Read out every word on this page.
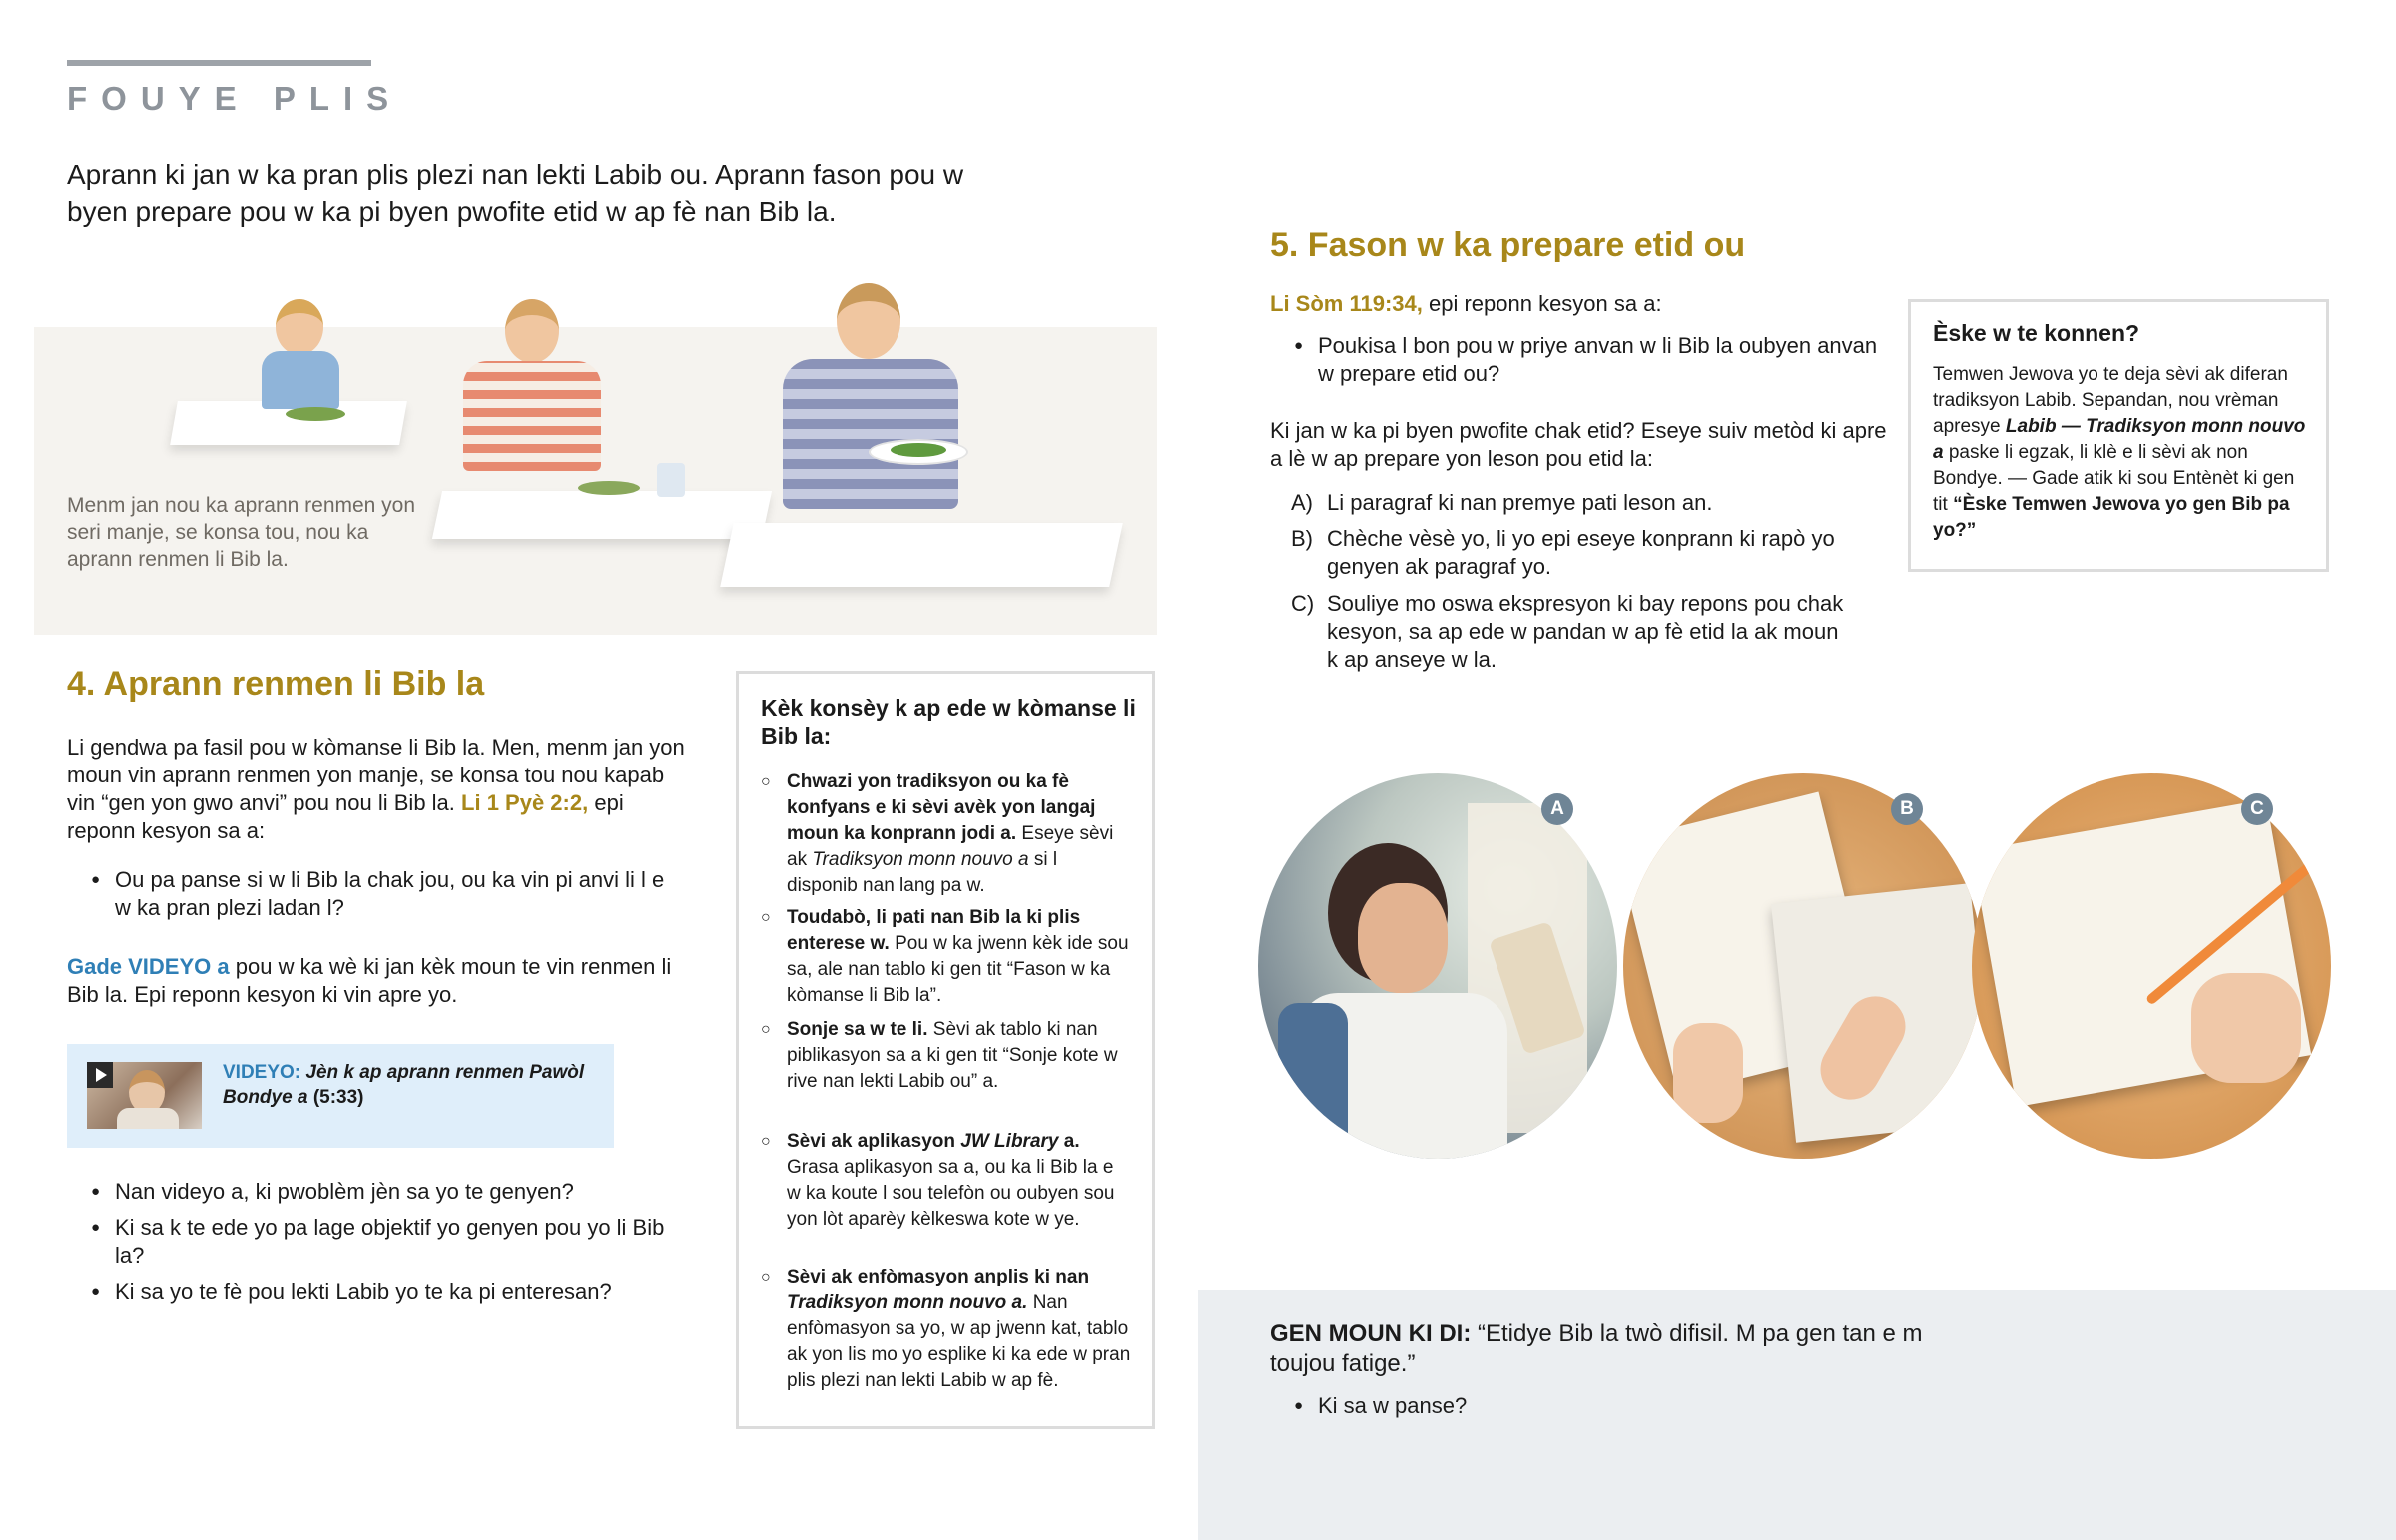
FOUYE PLIS
Aprann ki jan w ka pran plis plezi nan lekti Labib ou. Aprann fason pou w byen prepare pou w ka pi byen pwofite etid w ap fè nan Bib la.
Menm jan nou ka aprann renmen yon seri manje, se konsa tou, nou ka aprann renmen li Bib la.
4. Aprann renmen li Bib la
Li gendwa pa fasil pou w kòmanse li Bib la. Men, menm jan yon moun vin aprann renmen yon manje, se konsa tou nou kapab vin “gen yon gwo anvi” pou nou li Bib la. Li 1 Pyè 2:2, epi reponn kesyon sa a:
● Ou pa panse si w li Bib la chak jou, ou ka vin pi anvi li l e w ka pran plezi ladan l?
Gade VIDEYO a pou w ka wè ki jan kèk moun te vin renmen li Bib la. Epi reponn kesyon ki vin apre yo.
VIDEYO: Jèn k ap aprann renmen Pawòl Bondye a (5:33)
● Nan videyo a, ki pwoblèm jèn sa yo te genyen?
● Ki sa k te ede yo pa lage objektif yo genyen pou yo li Bib la?
● Ki sa yo te fè pou lekti Labib yo te ka pi enteresan?
Kèk konsèy k ap ede w kòmanse li Bib la:
○ Chwazi yon tradiksyon ou ka fè konfyans e ki sèvi avèk yon langaj moun ka konprann jodi a. Eseye sèvi ak Tradiksyon monn nouvo a si l disponib nan lang pa w.
○ Toudabò, li pati nan Bib la ki plis enterese w. Pou w ka jwenn kèk ide sou sa, ale nan tablo ki gen tit “Fason w ka kòmanse li Bib la”.
○ Sonje sa w te li. Sèvi ak tablo ki nan piblikasyon sa a ki gen tit “Sonje kote w rive nan lekti Labib ou” a.
○ Sèvi ak aplikasyon JW Library a. Grasa aplikasyon sa a, ou ka li Bib la e w ka koute l sou telefòn ou oubyen sou yon lòt aparèy kèlkeswa kote w ye.
○ Sèvi ak enfòmasyon anplis ki nan Tradiksyon monn nouvo a. Nan enfòmasyon sa yo, w ap jwenn kat, tablo ak yon lis mo yo esplike ki ka ede w pran plis plezi nan lekti Labib w ap fè.
5. Fason w ka prepare etid ou
Li Sòm 119:34, epi reponn kesyon sa a:
● Poukisa l bon pou w priye anvan w li Bib la oubyen anvan w prepare etid ou?
Ki jan w ka pi byen pwofite chak etid? Eseye suiv metòd ki apre a lè w ap prepare yon leson pou etid la:
A) Li paragraf ki nan premye pati leson an.
B) Chèche vèsè yo, li yo epi eseye konprann ki rapò yo genyen ak paragraf yo.
C) Souliye mo oswa ekspresyon ki bay repons pou chak kesyon, sa ap ede w pandan w ap fè etid la ak moun k ap anseye w la.
Èske w te konnen?
Temwen Jewova yo te deja sèvi ak diferan tradiksyon Labib. Sepandan, nou vrèman apresye Labib — Tradiksyon monn nouvo a paske li egzak, li klè e li sèvi ak non Bondye. — Gade atik ki sou Entènèt ki gen tit “Èske Temwen Jewova yo gen Bib pa yo?”
A	B	C
GEN MOUN KI DI: “Etidye Bib la twò difisil. M pa gen tan e m toujou fatige.”
● Ki sa w panse?
